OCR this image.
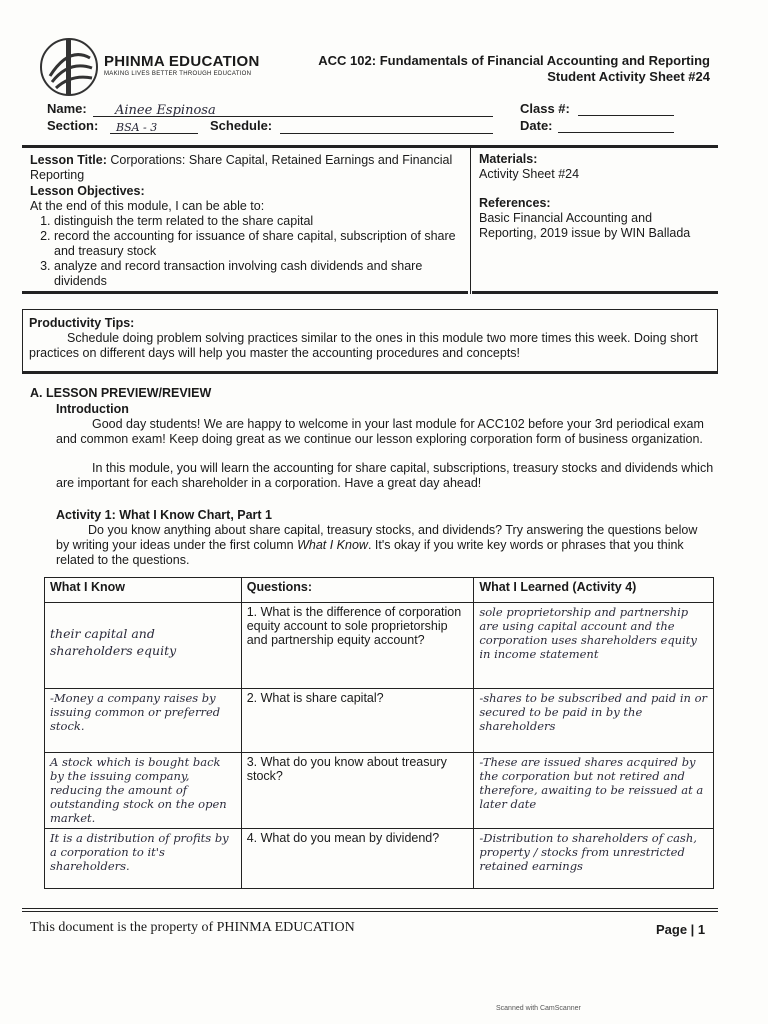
PHINMA EDUCATION
MAKING LIVES BETTER THROUGH EDUCATION
ACC 102: Fundamentals of Financial Accounting and Reporting
Student Activity Sheet #24
Name:	Ainee Espinosa
Section:	BSA - 3	Schedule:
Class #:
Date:
Lesson Title: Corporations: Share Capital, Retained Earnings and Financial Reporting
Lesson Objectives:
At the end of this module, I can be able to:
1. distinguish the term related to the share capital
2. record the accounting for issuance of share capital, subscription of share and treasury stock
3. analyze and record transaction involving cash dividends and share dividends
Materials:
Activity Sheet #24
References:
Basic Financial Accounting and Reporting, 2019 issue by WIN Ballada
Productivity Tips:
Schedule doing problem solving practices similar to the ones in this module two more times this week. Doing short practices on different days will help you master the accounting procedures and concepts!
A. LESSON PREVIEW/REVIEW
Introduction
Good day students! We are happy to welcome in your last module for ACC102 before your 3rd periodical exam and common exam! Keep doing great as we continue our lesson exploring corporation form of business organization.
In this module, you will learn the accounting for share capital, subscriptions, treasury stocks and dividends which are important for each shareholder in a corporation. Have a great day ahead!
Activity 1: What I Know Chart, Part 1
Do you know anything about share capital, treasury stocks, and dividends? Try answering the questions below by writing your ideas under the first column What I Know. It's okay if you write key words or phrases that you think related to the questions.
What I Know	Questions:	What I Learned (Activity 4)
their capital and shareholders equity	1. What is the difference of corporation equity account to sole proprietorship and partnership equity account?	sole proprietorship and partnership are using capital account and the corporation uses shareholders equity in income statement
-Money a company raises by issuing common or preferred stock.	2. What is share capital?	-shares to be subscribed and paid in or secured to be paid in by the shareholders
A stock which is bought back by the issuing company, reducing the amount of outstanding stock on the open market.	3. What do you know about treasury stock?	-These are issued shares acquired by the corporation but not retired and therefore, awaiting to be reissued at a later date
It is a distribution of profits by a corporation to it's shareholders.	4. What do you mean by dividend?	-Distribution to shareholders of cash, property / stocks from unrestricted retained earnings
This document is the property of PHINMA EDUCATION	Page | 1
Scanned with CamScanner
